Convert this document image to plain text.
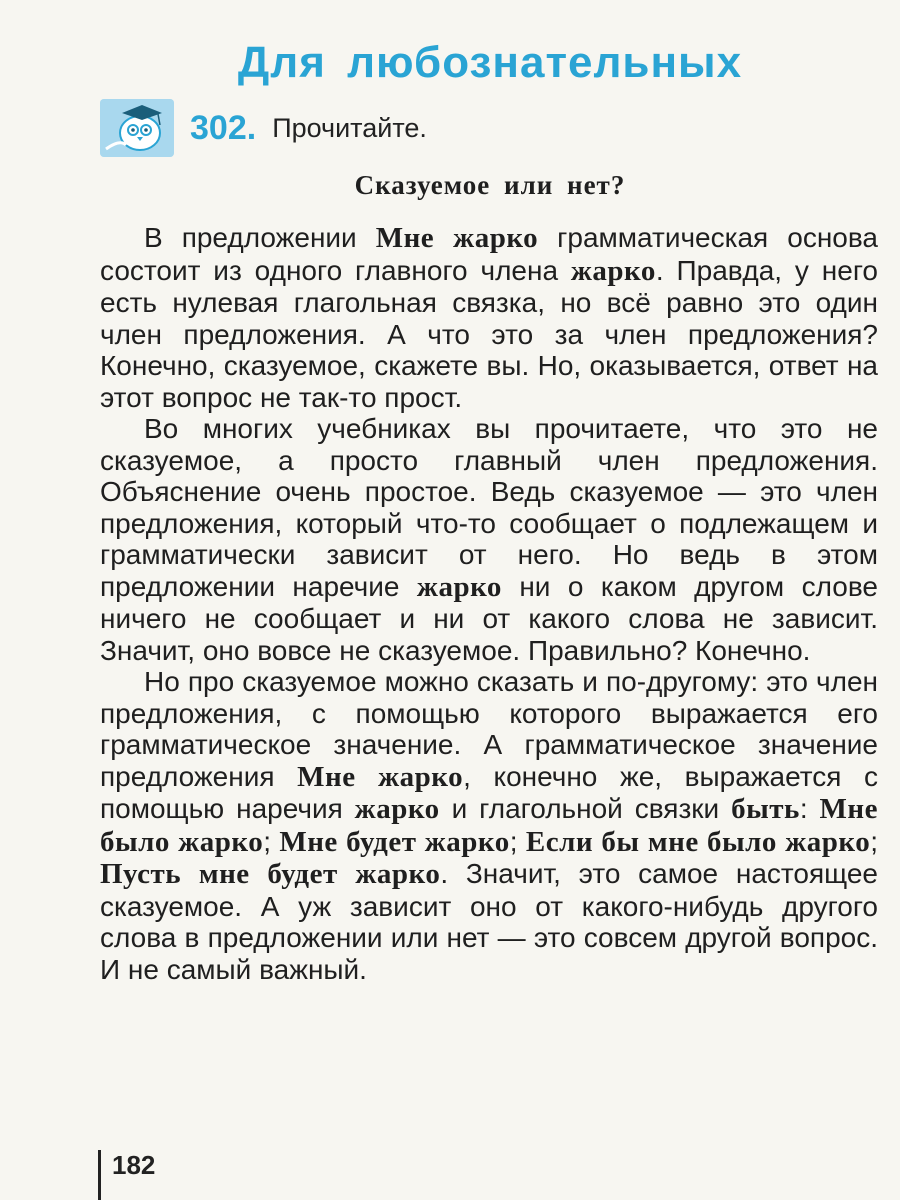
Для любознательных
302. Прочитайте.
Сказуемое или нет?

В предложении Мне жарко грамматическая основа состоит из одного главного члена жарко. Правда, у него есть нулевая глагольная связка, но всё равно это один член предложения. А что это за член предложения? Конечно, сказуемое, скажете вы. Но, оказывается, ответ на этот вопрос не так-то прост.

Во многих учебниках вы прочитаете, что это не сказуемое, а просто главный член предложения. Объяснение очень простое. Ведь сказуемое — это член предложения, который что-то сообщает о подлежащем и грамматически зависит от него. Но ведь в этом предложении наречие жарко ни о каком другом слове ничего не сообщает и ни от какого слова не зависит. Значит, оно вовсе не сказуемое. Правильно? Конечно.

Но про сказуемое можно сказать и по-другому: это член предложения, с помощью которого выражается его грамматическое значение. А грамматическое значение предложения Мне жарко, конечно же, выражается с помощью наречия жарко и глагольной связки быть: Мне было жарко; Мне будет жарко; Если бы мне было жарко; Пусть мне будет жарко. Значит, это самое настоящее сказуемое. А уж зависит оно от какого-нибудь другого слова в предложении или нет — это совсем другой вопрос. И не самый важный.

182
